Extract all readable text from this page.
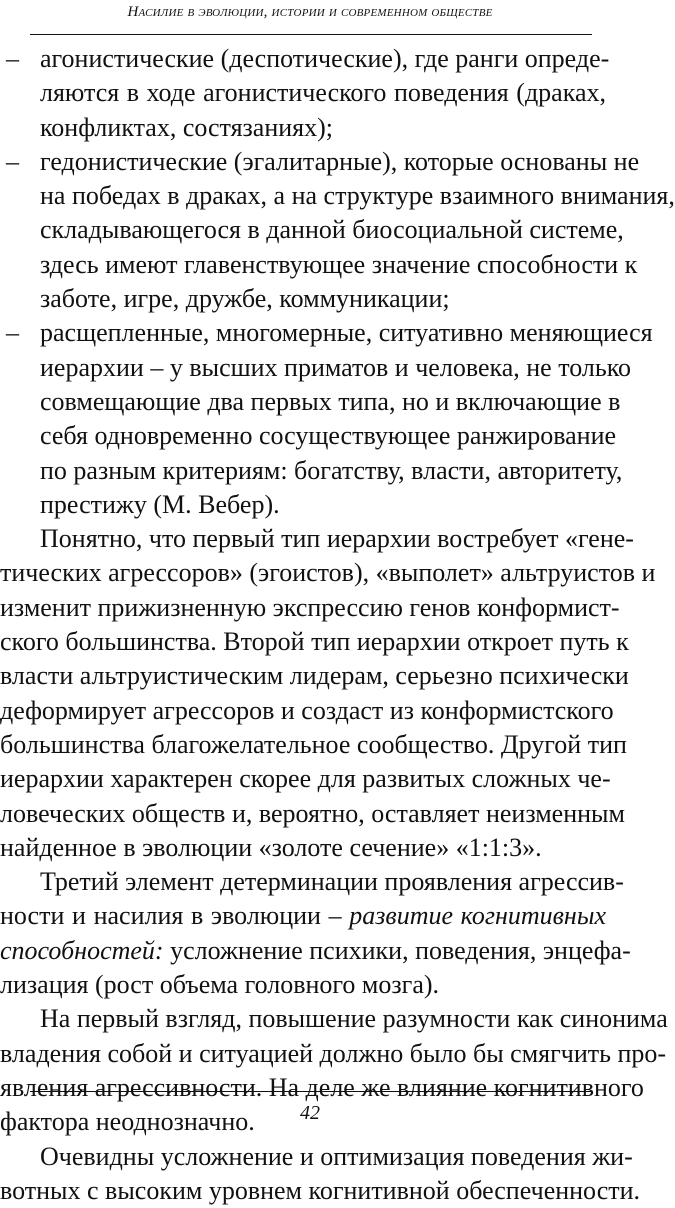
Насилие в эволюции, истории и современном обществе
– агонистические (деспотические), где ранги опреде-
ляются в ходе агонистического поведения (драках,
конфликтах, состязаниях);
– гедонистические (эгалитарные), которые основаны не
на победах в драках, а на структуре взаимного внимания,
складывающегося в данной биосоциальной системе,
здесь имеют главенствующее значение способности к
заботе, игре, дружбе, коммуникации;
– расщепленные, многомерные, ситуативно меняющиеся
иерархии – у высших приматов и человека, не только
совмещающие два первых типа, но и включающие в
себя одновременно сосуществующее ранжирование
по разным критериям: богатству, власти, авторитету,
престижу (М. Вебер).
Понятно, что первый тип иерархии востребует «гене-
тических агрессоров» (эгоистов), «выполет» альтруистов и
изменит прижизненную экспрессию генов конформист-
ского большинства. Второй тип иерархии откроет путь к
власти альтруистическим лидерам, серьезно психически
деформирует агрессоров и создаст из конформистского
большинства благожелательное сообщество. Другой тип
иерархии характерен скорее для развитых сложных че-
ловеческих обществ и, вероятно, оставляет неизменным
найденное в эволюции «золоте сечение» «1:1:3».
Третий элемент детерминации проявления агрессив-
ности и насилия в эволюции – развитие когнитивных
способностей: усложнение психики, поведения, энцефа-
лизация (рост объема головного мозга).
На первый взгляд, повышение разумности как синонима
владения собой и ситуацией должно было бы смягчить про-
явления агрессивности. На деле же влияние когнитивного
фактора неоднозначно.
Очевидны усложнение и оптимизация поведения жи-
вотных с высоким уровнем когнитивной обеспеченности.
42
